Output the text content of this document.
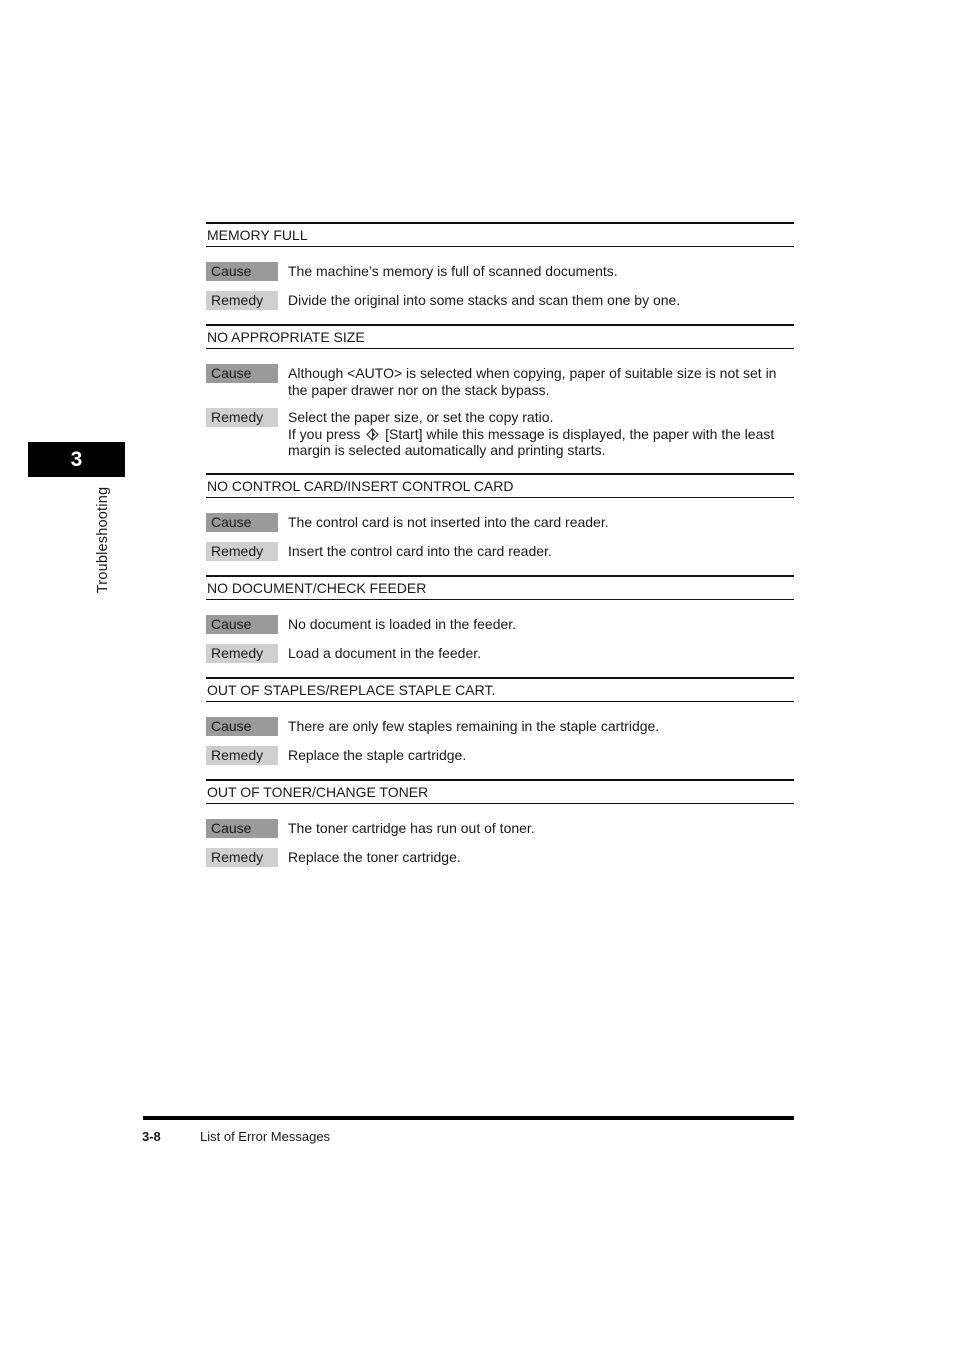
3
Troubleshooting
MEMORY FULL
Cause	The machine’s memory is full of scanned documents.
Remedy	Divide the original into some stacks and scan them one by one.
NO APPROPRIATE SIZE
Cause	Although <AUTO> is selected when copying, paper of suitable size is not set in
the paper drawer nor on the stack bypass.
Remedy	Select the paper size, or set the copy ratio.
If you press  [Start] while this message is displayed, the paper with the least
margin is selected automatically and printing starts.
NO CONTROL CARD/INSERT CONTROL CARD
Cause	The control card is not inserted into the card reader.
Remedy	Insert the control card into the card reader.
NO DOCUMENT/CHECK FEEDER
Cause	No document is loaded in the feeder.
Remedy	Load a document in the feeder.
OUT OF STAPLES/REPLACE STAPLE CART.
Cause	There are only few staples remaining in the staple cartridge.
Remedy	Replace the staple cartridge.
OUT OF TONER/CHANGE TONER
Cause	The toner cartridge has run out of toner.
Remedy	Replace the toner cartridge.
3-8	List of Error Messages
